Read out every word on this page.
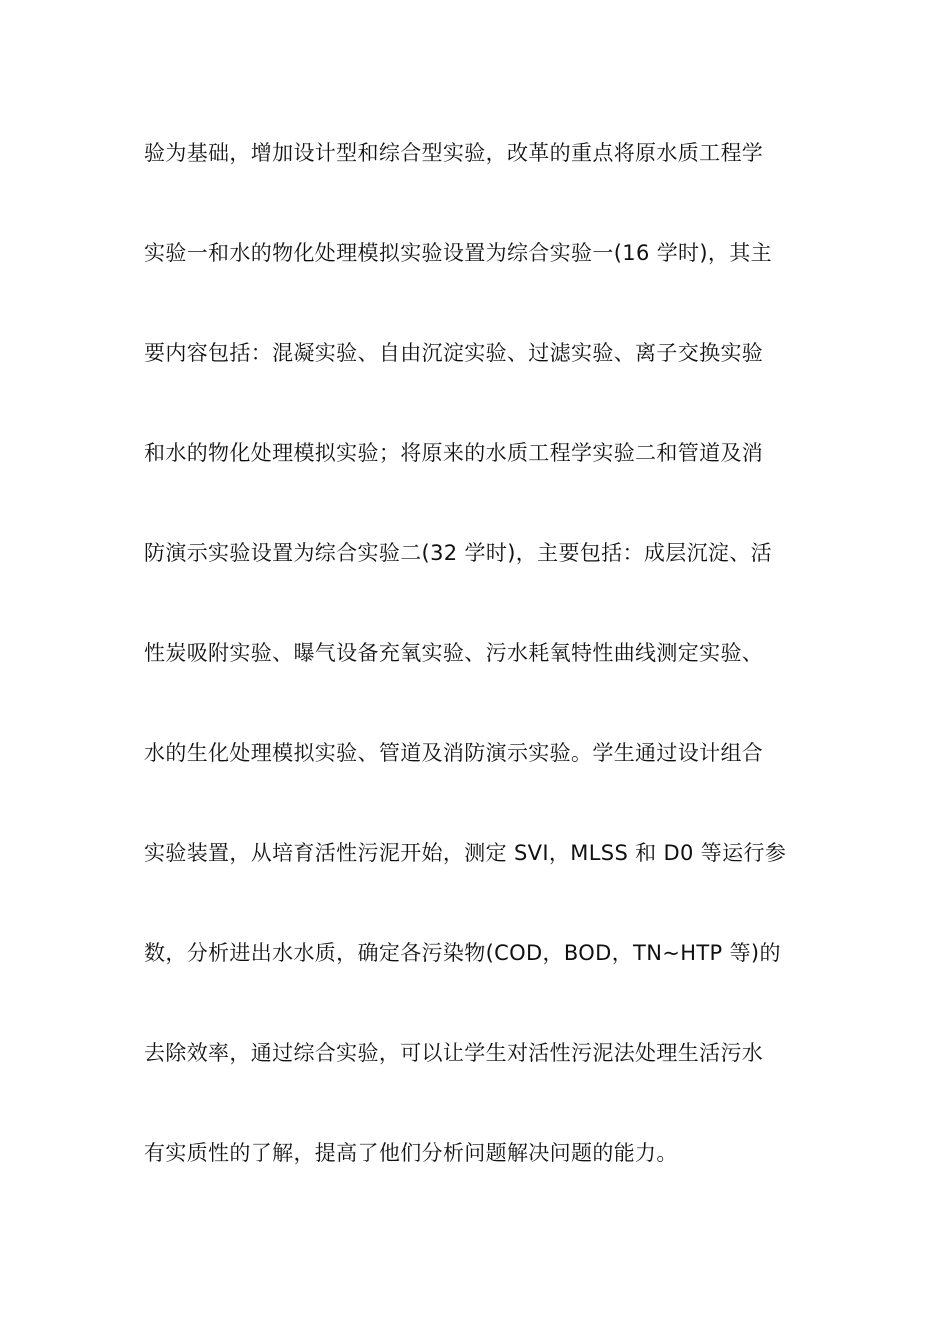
验为基础，增加设计型和综合型实验，改革的重点将原水质工程学
实验一和水的物化处理模拟实验设置为综合实验一(16 学时)，其主
要内容包括：混凝实验、自由沉淀实验、过滤实验、离子交换实验
和水的物化处理模拟实验；将原来的水质工程学实验二和管道及消
防演示实验设置为综合实验二(32 学时)，主要包括：成层沉淀、活
性炭吸附实验、曝气设备充氧实验、污水耗氧特性曲线测定实验、
水的生化处理模拟实验、管道及消防演示实验。学生通过设计组合
实验装置，从培育活性污泥开始，测定 SVI，MLSS 和 D0 等运行参
数，分析进出水水质，确定各污染物(COD，BOD，TN~HTP 等)的
去除效率，通过综合实验，可以让学生对活性污泥法处理生活污水
有实质性的了解，提高了他们分析问题解决问题的能力。
